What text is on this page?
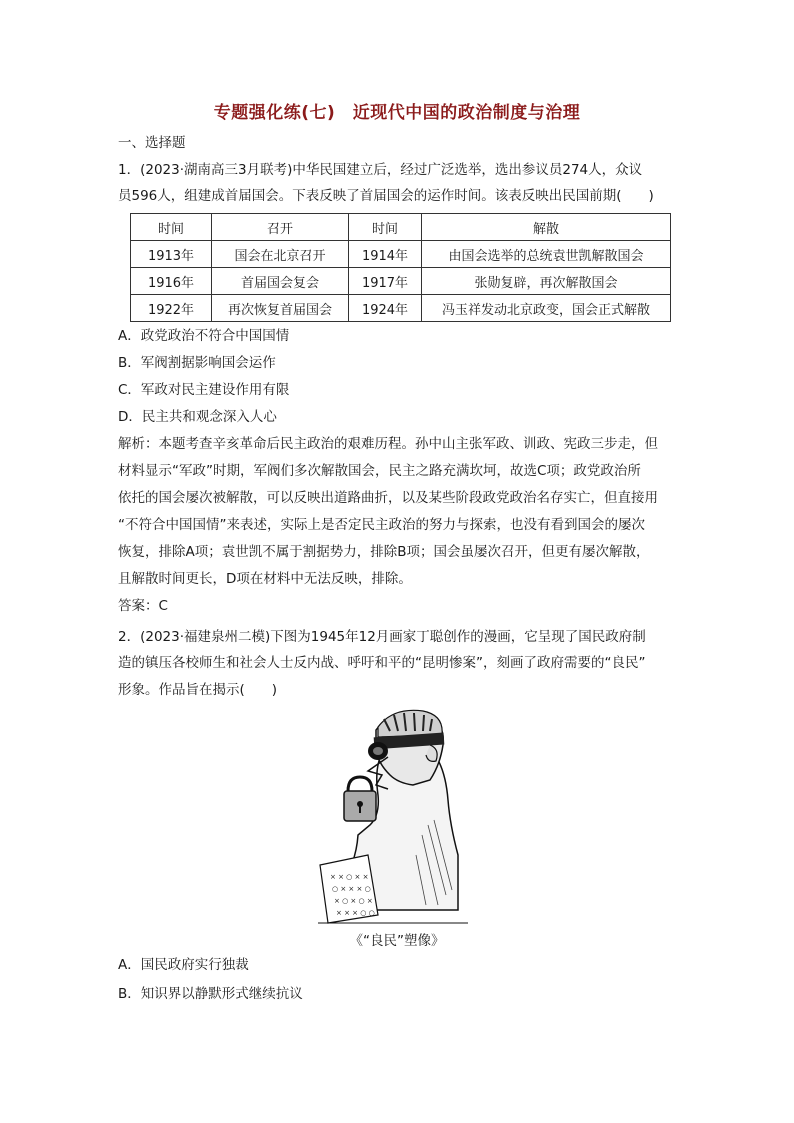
专题强化练(七)　近现代中国的政治制度与治理
一、选择题
1．(2023·湖南高三3月联考)中华民国建立后，经过广泛选举，选出参议员274人，众议
员596人，组建成首届国会。下表反映了首届国会的运作时间。该表反映出民国前期(　　)
时间	召开	时间	解散
1913年	国会在北京召开	1914年	由国会选举的总统袁世凯解散国会
1916年	首届国会复会	1917年	张勋复辟，再次解散国会
1922年	再次恢复首届国会	1924年	冯玉祥发动北京政变，国会正式解散
A．政党政治不符合中国国情
B．军阀割据影响国会运作
C．军政对民主建设作用有限
D．民主共和观念深入人心
解析：本题考查辛亥革命后民主政治的艰难历程。孙中山主张军政、训政、宪政三步走，但
材料显示“军政”时期，军阀们多次解散国会，民主之路充满坎坷，故选C项；政党政治所
依托的国会屡次被解散，可以反映出道路曲折，以及某些阶段政党政治名存实亡，但直接用
“不符合中国国情”来表述，实际上是否定民主政治的努力与探索，也没有看到国会的屡次
恢复，排除A项；袁世凯不属于割据势力，排除B项；国会虽屡次召开，但更有屡次解散，
且解散时间更长，D项在材料中无法反映，排除。
答案：C
2．(2023·福建泉州二模)下图为1945年12月画家丁聪创作的漫画，它呈现了国民政府制
造的镇压各校师生和社会人士反内战、呼吁和平的“昆明惨案”，刻画了政府需要的“良民”
形象。作品旨在揭示(　　)
× × ○ × ×
○ × × × ○
× ○ × ○ ×
× × × ○ ○
《“良民”塑像》
A．国民政府实行独裁
B．知识界以静默形式继续抗议
